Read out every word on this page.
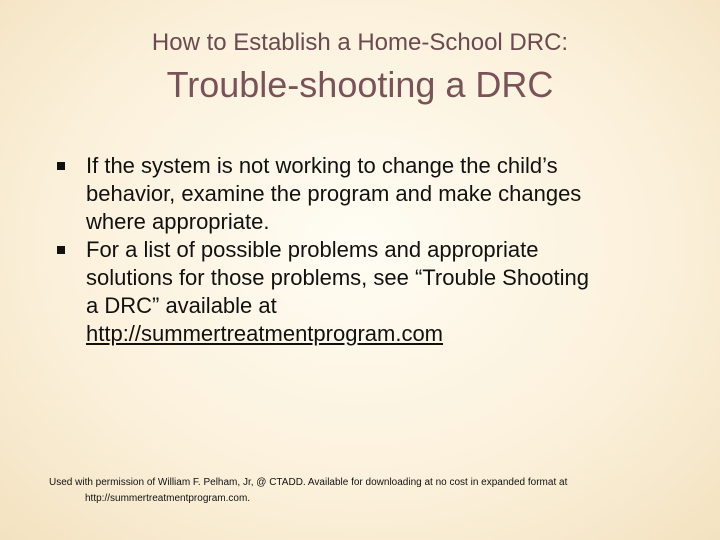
How to Establish a Home-School DRC:
Trouble-shooting a DRC
If the system is not working to change the child’s
behavior, examine the program and make changes
where appropriate.
For a list of possible problems and appropriate
solutions for those problems, see “Trouble Shooting
a DRC” available at
http://summertreatmentprogram.com
Used with permission of William F. Pelham, Jr, @ CTADD. Available for downloading at no cost in expanded format at
http://summertreatmentprogram.com.
